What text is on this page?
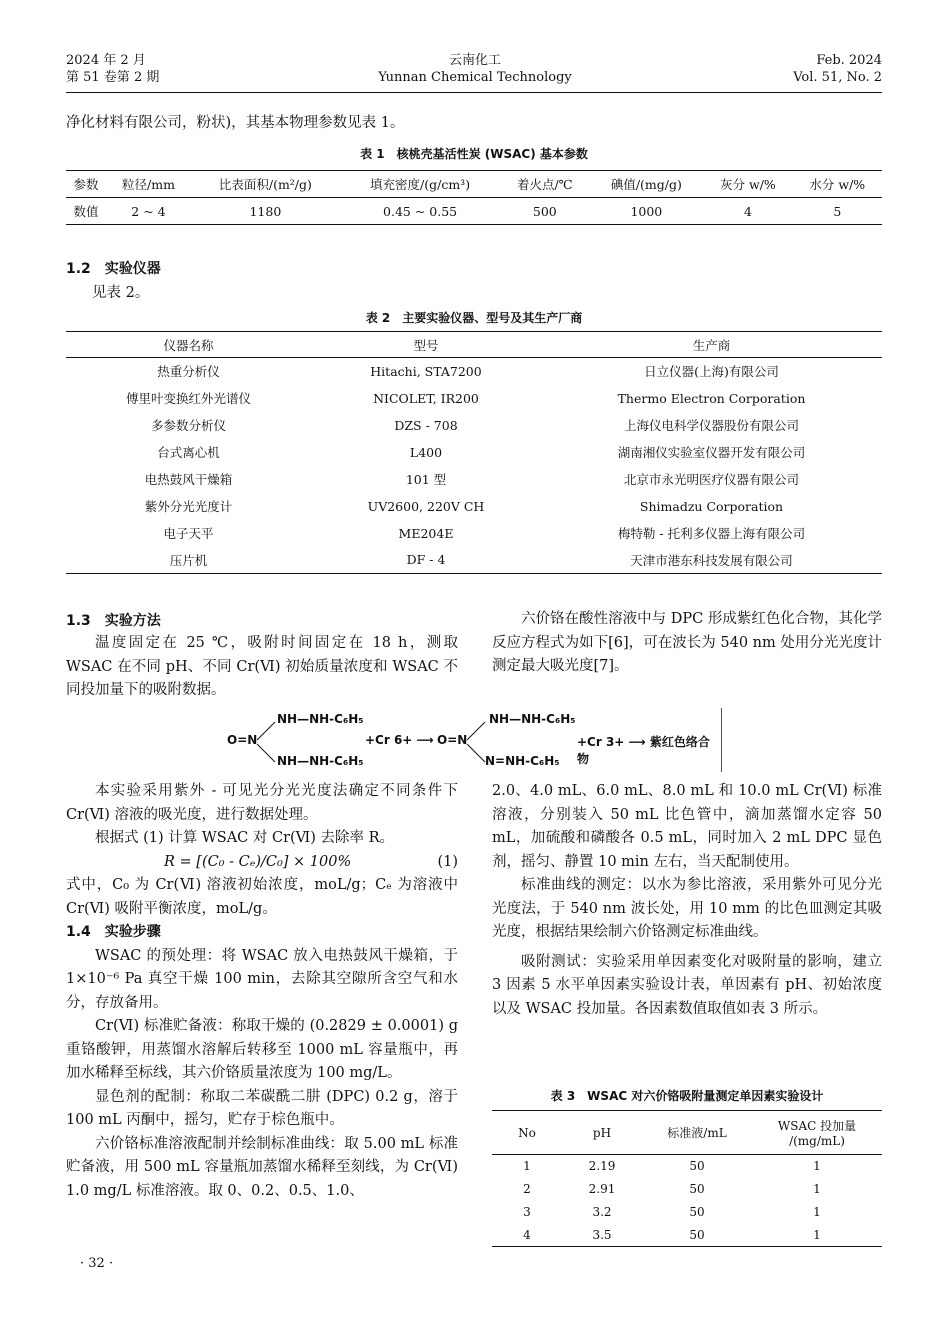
2024 年 2 月
第 51 卷第 2 期
云南化工
Yunnan Chemical Technology
Feb. 2024
Vol. 51, No. 2

净化材料有限公司，粉状)，其基本物理参数见表 1。

表 1　核桃壳基活性炭 (WSAC) 基本参数
参数	粒径/mm	比表面积/(m²/g)	填充密度/(g/cm³)	着火点/℃	碘值/(mg/g)	灰分 w/%	水分 w/%
数值	2 ~ 4	1180	0.45 ~ 0.55	500	1000	4	5
1.2　实验仪器

见表 2。

表 2　主要实验仪器、型号及其生产厂商
仪器名称	型号	生产商
热重分析仪	Hitachi, STA7200	日立仪器(上海)有限公司
傅里叶变换红外光谱仪	NICOLET, IR200	Thermo Electron Corporation
多参数分析仪	DZS - 708	上海仪电科学仪器股份有限公司
台式离心机	L400	湖南湘仪实验室仪器开发有限公司
电热鼓风干燥箱	101 型	北京市永光明医疗仪器有限公司
紫外分光光度计	UV2600, 220V CH	Shimadzu Corporation
电子天平	ME204E	梅特勒 - 托利多仪器上海有限公司
压片机	DF - 4	天津市港东科技发展有限公司
1.3　实验方法

温度固定在 25 ℃，吸附时间固定在 18 h，测取 WSAC 在不同 pH、不同 Cr(Ⅵ) 初始质量浓度和 WSAC 不同投加量下的吸附数据。

六价铬在酸性溶液中与 DPC 形成紫红色化合物，其化学反应方程式为如下[6]，可在波长为 540 nm 处用分光光度计测定最大吸光度[7]。

NH—NH-C₆H₅
O=N
NH—NH-C₆H₅
+Cr 6+ ⟶ O=N
NH—NH-C₆H₅
N=NH-C₆H₅
+Cr 3+ ⟶ 紫红色络合物

本实验采用紫外 - 可见光分光光度法确定不同条件下 Cr(Ⅵ) 溶液的吸光度，进行数据处理。

根据式 (1) 计算 WSAC 对 Cr(Ⅵ) 去除率 R。

R = [(C₀ - Cₑ)/C₀] × 100%	(1)

式中，C₀ 为 Cr(Ⅵ) 溶液初始浓度，moL/g；Cₑ 为溶液中 Cr(Ⅵ) 吸附平衡浓度，moL/g。

1.4　实验步骤

WSAC 的预处理：将 WSAC 放入电热鼓风干燥箱，于 1×10⁻⁶ Pa 真空干燥 100 min，去除其空隙所含空气和水分，存放备用。

Cr(Ⅵ) 标准贮备液：称取干燥的 (0.2829 ± 0.0001) g 重铬酸钾，用蒸馏水溶解后转移至 1000 mL 容量瓶中，再加水稀释至标线，其六价铬质量浓度为 100 mg/L。

显色剂的配制：称取二苯碳酰二肼 (DPC) 0.2 g，溶于 100 mL 丙酮中，摇匀，贮存于棕色瓶中。

六价铬标准溶液配制并绘制标准曲线：取 5.00 mL 标准贮备液，用 500 mL 容量瓶加蒸馏水稀释至刻线，为 Cr(Ⅵ) 1.0 mg/L 标准溶液。取 0、0.2、0.5、1.0、

2.0、4.0 mL、6.0 mL、8.0 mL 和 10.0 mL Cr(Ⅵ) 标准溶液，分别装入 50 mL 比色管中，滴加蒸馏水定容 50 mL，加硫酸和磷酸各 0.5 mL，同时加入 2 mL DPC 显色剂，摇匀、静置 10 min 左右，当天配制使用。

标准曲线的测定：以水为参比溶液，采用紫外可见分光光度法，于 540 nm 波长处，用 10 mm 的比色皿测定其吸光度，根据结果绘制六价铬测定标准曲线。

吸附测试：实验采用单因素变化对吸附量的影响，建立 3 因素 5 水平单因素实验设计表，单因素有 pH、初始浓度以及 WSAC 投加量。各因素数值取值如表 3 所示。

表 3　WSAC 对六价铬吸附量测定单因素实验设计
No	pH	标准液/mL	WSAC 投加量 /(mg/mL)
1	2.19	50	1
2	2.91	50	1
3	3.2	50	1
4	3.5	50	1
· 32 ·
